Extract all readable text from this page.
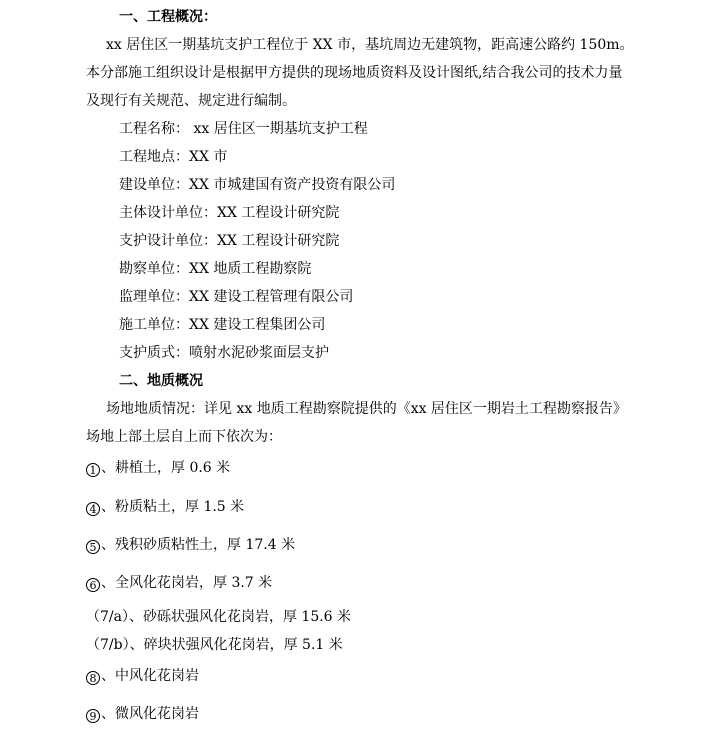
一、工程概况：
xx 居住区一期基坑支护工程位于 XX 市，基坑周边无建筑物，距高速公路约 150m。
本分部施工组织设计是根据甲方提供的现场地质资料及设计图纸,结合我公司的技术力量
及现行有关规范、规定进行编制。
工程名称： xx 居住区一期基坑支护工程
工程地点：XX 市
建设单位：XX 市城建国有资产投资有限公司
主体设计单位：XX 工程设计研究院
支护设计单位：XX 工程设计研究院
勘察单位：XX 地质工程勘察院
监理单位：XX 建设工程管理有限公司
施工单位：XX 建设工程集团公司
支护质式：喷射水泥砂浆面层支护
二、地质概况
场地地质情况：详见 xx 地质工程勘察院提供的《xx 居住区一期岩土工程勘察报告》
场地上部土层自上而下依次为：
1 、耕植土，厚 0.6 米
4 、粉质粘土，厚 1.5 米
5 、残积砂质粘性土，厚 17.4 米
6 、全风化花岗岩，厚 3.7 米
（7/a）、砂砾状强风化花岗岩，厚 15.6 米
（7/b）、碎块状强风化花岗岩，厚 5.1 米
8 、中风化花岗岩
9 、微风化花岗岩
